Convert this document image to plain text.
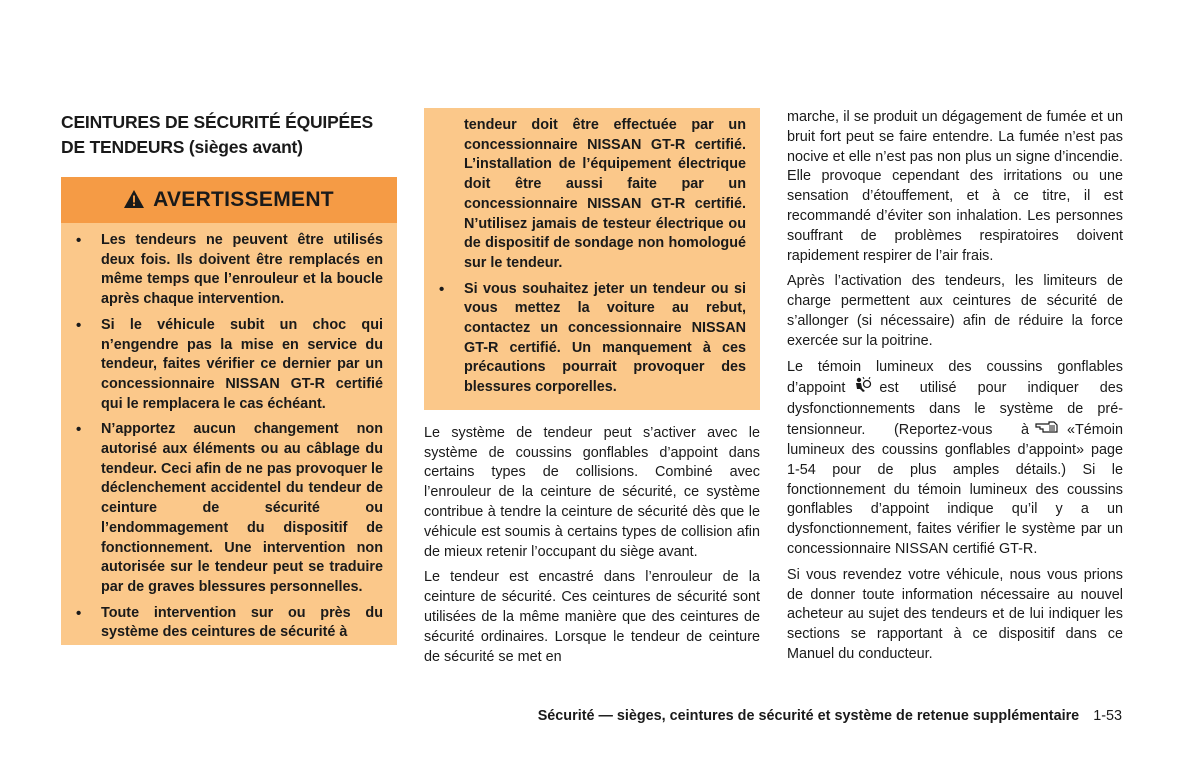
CEINTURES DE SÉCURITÉ ÉQUIPÉES DE TENDEURS (sièges avant)
AVERTISSEMENT
• Les tendeurs ne peuvent être utilisés deux fois. Ils doivent être remplacés en même temps que l’enrouleur et la boucle après chaque intervention.
• Si le véhicule subit un choc qui n’engendre pas la mise en service du tendeur, faites vérifier ce dernier par un concessionnaire NISSAN GT-R certifié qui le remplacera le cas échéant.
• N’apportez aucun changement non autorisé aux éléments ou au câblage du tendeur. Ceci afin de ne pas provoquer le déclenchement accidentel du tendeur de ceinture de sécurité ou l’endommagement du dispositif de fonctionnement. Une intervention non autorisée sur le tendeur peut se traduire par de graves blessures personnelles.
• Toute intervention sur ou près du système des ceintures de sécurité à
tendeur doit être effectuée par un concessionnaire NISSAN GT-R certifié. L’installation de l’équipement électrique doit être aussi faite par un concessionnaire NISSAN GT-R certifié. N’utilisez jamais de testeur électrique ou de dispositif de sondage non homologué sur le tendeur.
• Si vous souhaitez jeter un tendeur ou si vous mettez la voiture au rebut, contactez un concessionnaire NISSAN GT-R certifié. Un manquement à ces précautions pourrait provoquer des blessures corporelles.

Le système de tendeur peut s’activer avec le système de coussins gonflables d’appoint dans certains types de collisions. Combiné avec l’enrouleur de la ceinture de sécurité, ce système contribue à tendre la ceinture de sécurité dès que le véhicule est soumis à certains types de collision afin de mieux retenir l’occupant du siège avant.

Le tendeur est encastré dans l’enrouleur de la ceinture de sécurité. Ces ceintures de sécurité sont utilisées de la même manière que des ceintures de sécurité ordinaires. Lorsque le tendeur de ceinture de sécurité se met en

marche, il se produit un dégagement de fumée et un bruit fort peut se faire entendre. La fumée n’est pas nocive et elle n’est pas non plus un signe d’incendie. Elle provoque cependant des irritations ou une sensation d’étouffement, et à ce titre, il est recommandé d’éviter son inhalation. Les personnes souffrant de problèmes respiratoires doivent rapidement respirer de l’air frais.

Après l’activation des tendeurs, les limiteurs de charge permettent aux ceintures de sécurité de s’allonger (si nécessaire) afin de réduire la force exercée sur la poitrine.

Le témoin lumineux des coussins gonflables d’appoint est utilisé pour indiquer des dysfonctionnements dans le système de prétensionneur. (Reportez-vous à	«Témoin lumineux des coussins gonflables d’appoint» page 1-54 pour de plus amples détails.) Si le fonctionnement du témoin lumineux des coussins gonflables d’appoint indique qu’il y a un dysfonctionnement, faites vérifier le système par un concessionnaire NISSAN certifié GT-R.

Si vous revendez votre véhicule, nous vous prions de donner toute information nécessaire au nouvel acheteur au sujet des tendeurs et de lui indiquer les sections se rapportant à ce dispositif dans ce Manuel du conducteur.

Sécurité — sièges, ceintures de sécurité et système de retenue supplémentaire 1-53
